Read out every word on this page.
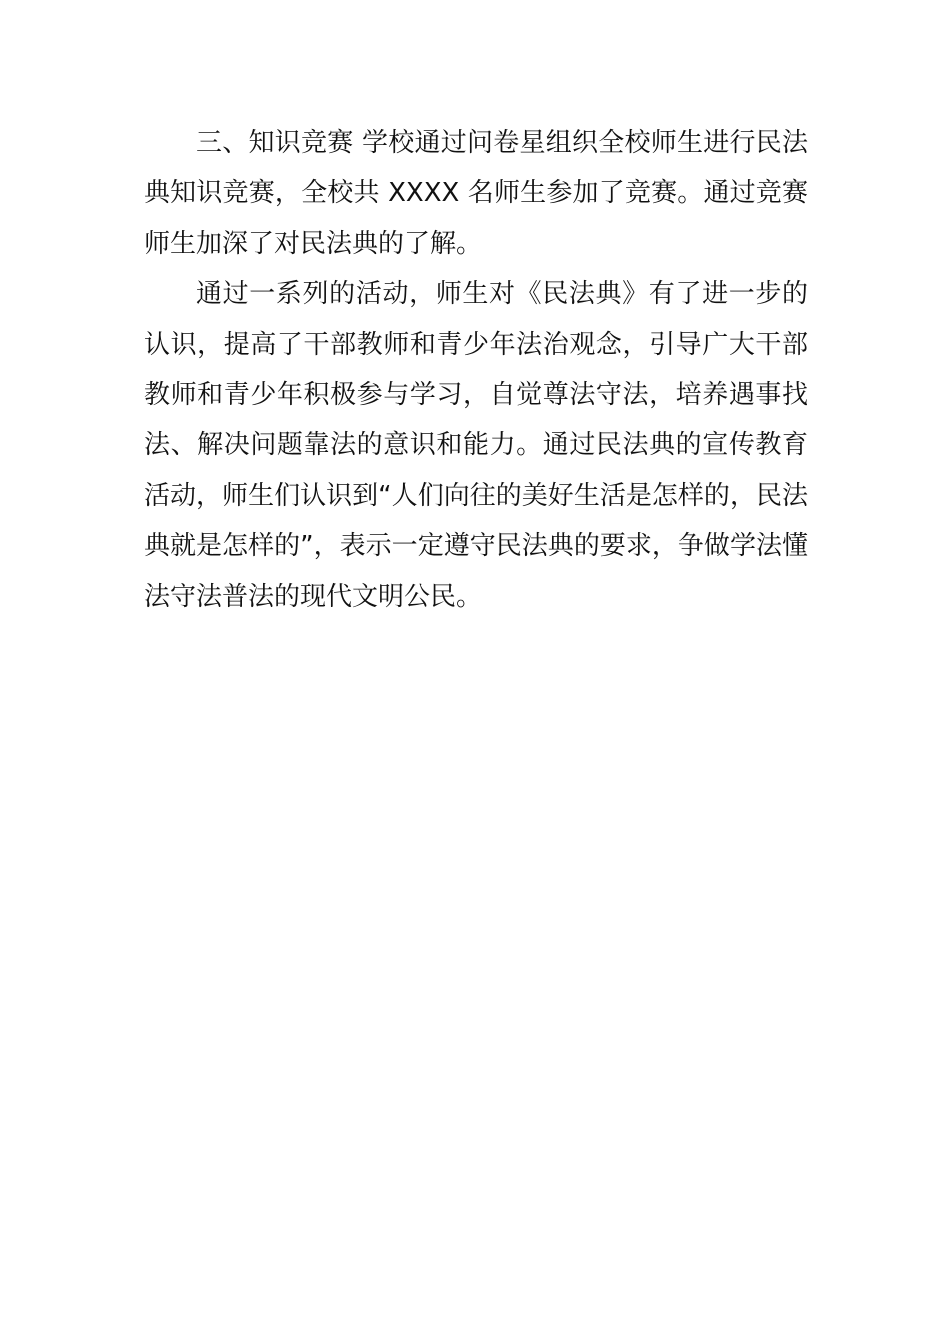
三、知识竞赛 学校通过问卷星组织全校师生进行民法
典知识竞赛，全校共 XXXX 名师生参加了竞赛。通过竞赛
师生加深了对民法典的了解。
通过一系列的活动，师生对《民法典》有了进一步的
认识，提高了干部教师和青少年法治观念，引导广大干部
教师和青少年积极参与学习，自觉尊法守法，培养遇事找
法、解决问题靠法的意识和能力。通过民法典的宣传教育
活动，师生们认识到“人们向往的美好生活是怎样的，民法
典就是怎样的”，表示一定遵守民法典的要求，争做学法懂
法守法普法的现代文明公民。
